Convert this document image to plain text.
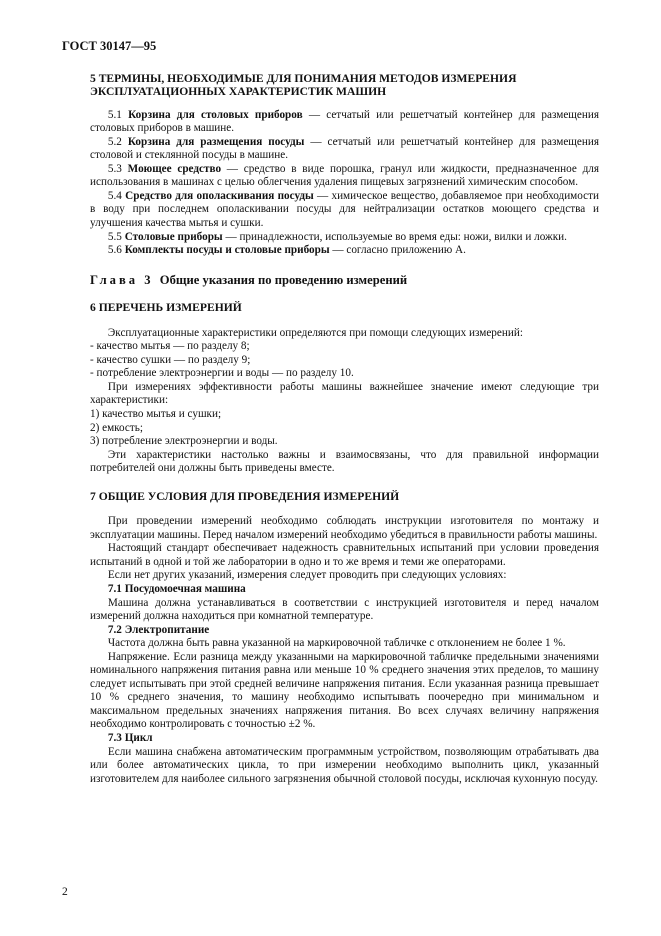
ГОСТ 30147—95

5 ТЕРМИНЫ, НЕОБХОДИМЫЕ ДЛЯ ПОНИМАНИЯ МЕТОДОВ ИЗМЕРЕНИЯ
ЭКСПЛУАТАЦИОННЫХ ХАРАКТЕРИСТИК МАШИН

5.1 Корзина для столовых приборов — сетчатый или решетчатый контейнер для размещения столовых приборов в машине.

5.2 Корзина для размещения посуды — сетчатый или решетчатый контейнер для размещения столовой и стеклянной посуды в машине.

5.3 Моющее средство — средство в виде порошка, гранул или жидкости, предназначенное для использования в машинах с целью облегчения удаления пищевых загрязнений химическим способом.

5.4 Средство для ополаскивания посуды — химическое вещество, добавляемое при необходимости в воду при последнем ополаскивании посуды для нейтрализации остатков моющего средства и улучшения качества мытья и сушки.

5.5 Столовые приборы — принадлежности, используемые во время еды: ножи, вилки и ложки.

5.6 Комплекты посуды и столовые приборы — согласно приложению А.

Глава 3 Общие указания по проведению измерений

6 ПЕРЕЧЕНЬ ИЗМЕРЕНИЙ

Эксплуатационные характеристики определяются при помощи следующих измерений:

- качество мытья — по разделу 8;

- качество сушки — по разделу 9;

- потребление электроэнергии и воды — по разделу 10.

При измерениях эффективности работы машины важнейшее значение имеют следующие три характеристики:

1) качество мытья и сушки;

2) емкость;

3) потребление электроэнергии и воды.

Эти характеристики настолько важны и взаимосвязаны, что для правильной информации потребителей они должны быть приведены вместе.

7 ОБЩИЕ УСЛОВИЯ ДЛЯ ПРОВЕДЕНИЯ ИЗМЕРЕНИЙ

При проведении измерений необходимо соблюдать инструкции изготовителя по монтажу и эксплуатации машины. Перед началом измерений необходимо убедиться в правильности работы машины.

Настоящий стандарт обеспечивает надежность сравнительных испытаний при условии проведения испытаний в одной и той же лаборатории в одно и то же время и теми же операторами.

Если нет других указаний, измерения следует проводить при следующих условиях:

7.1 Посудомоечная машина

Машина должна устанавливаться в соответствии с инструкцией изготовителя и перед началом измерений должна находиться при комнатной температуре.

7.2 Электропитание

Частота должна быть равна указанной на маркировочной табличке с отклонением не более 1 %.

Напряжение. Если разница между указанными на маркировочной табличке предельными значениями номинального напряжения питания равна или меньше 10 % среднего значения этих пределов, то машину следует испытывать при этой средней величине напряжения питания. Если указанная разница превышает 10 % среднего значения, то машину необходимо испытывать поочередно при минимальном и максимальном предельных значениях напряжения питания. Во всех случаях величину напряжения необходимо контролировать с точностью ±2 %.

7.3 Цикл

Если машина снабжена автоматическим программным устройством, позволяющим отрабатывать два или более автоматических цикла, то при измерении необходимо выполнить цикл, указанный изготовителем для наиболее сильного загрязнения обычной столовой посуды, исключая кухонную посуду.

2
